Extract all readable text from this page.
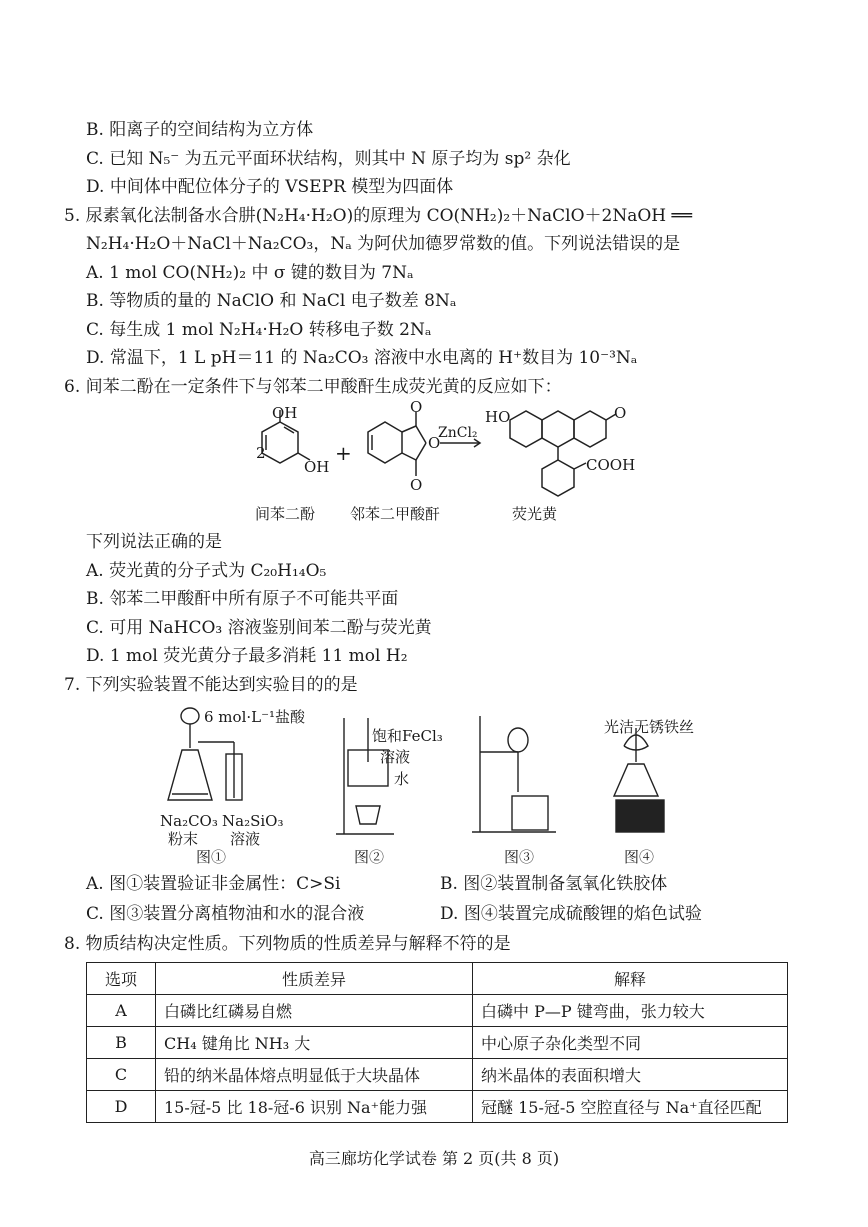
B. 阳离子的空间结构为立方体
C. 已知 N₅⁻ 为五元平面环状结构，则其中 N 原子均为 sp² 杂化
D. 中间体中配位体分子的 VSEPR 模型为四面体
5. 尿素氧化法制备水合肼(N₂H₄·H₂O)的原理为 CO(NH₂)₂＋NaClO＋2NaOH ══
N₂H₄·H₂O＋NaCl＋Na₂CO₃，Nₐ 为阿伏加德罗常数的值。下列说法错误的是
A. 1 mol CO(NH₂)₂ 中 σ 键的数目为 7Nₐ
B. 等物质的量的 NaClO 和 NaCl 电子数差 8Nₐ
C. 每生成 1 mol N₂H₄·H₂O 转移电子数 2Nₐ
D. 常温下，1 L pH＝11 的 Na₂CO₃ 溶液中水电离的 H⁺数目为 10⁻³Nₐ
6. 间苯二酚在一定条件下与邻苯二甲酸酐生成荧光黄的反应如下：
OH
OH
2	+
O
O
O
ZnCl₂
HO	O
COOH
间苯二酚 邻苯二甲酸酐	荧光黄
下列说法正确的是
A. 荧光黄的分子式为 C₂₀H₁₄O₅
B. 邻苯二甲酸酐中所有原子不可能共平面
C. 可用 NaHCO₃ 溶液鉴别间苯二酚与荧光黄
D. 1 mol 荧光黄分子最多消耗 11 mol H₂
7. 下列实验装置不能达到实验目的的是
6 mol·L⁻¹盐酸
Na₂CO₃
粉末
Na₂SiO₃
溶液
图①
饱和FeCl₃
溶液
水
图②	图③
光洁无锈铁丝
图④
A. 图①装置验证非金属性：C>Si	B. 图②装置制备氢氧化铁胶体
C. 图③装置分离植物油和水的混合液	D. 图④装置完成硫酸锂的焰色试验
8. 物质结构决定性质。下列物质的性质差异与解释不符的是
选项	性质差异	解释
A	白磷比红磷易自燃	白磷中 P—P 键弯曲，张力较大
B	CH₄ 键角比 NH₃ 大	中心原子杂化类型不同
C	铅的纳米晶体熔点明显低于大块晶体	纳米晶体的表面积增大
D	15-冠-5 比 18-冠-6 识别 Na⁺能力强	冠醚 15-冠-5 空腔直径与 Na⁺直径匹配
高三廊坊化学试卷 第 2 页(共 8 页)
